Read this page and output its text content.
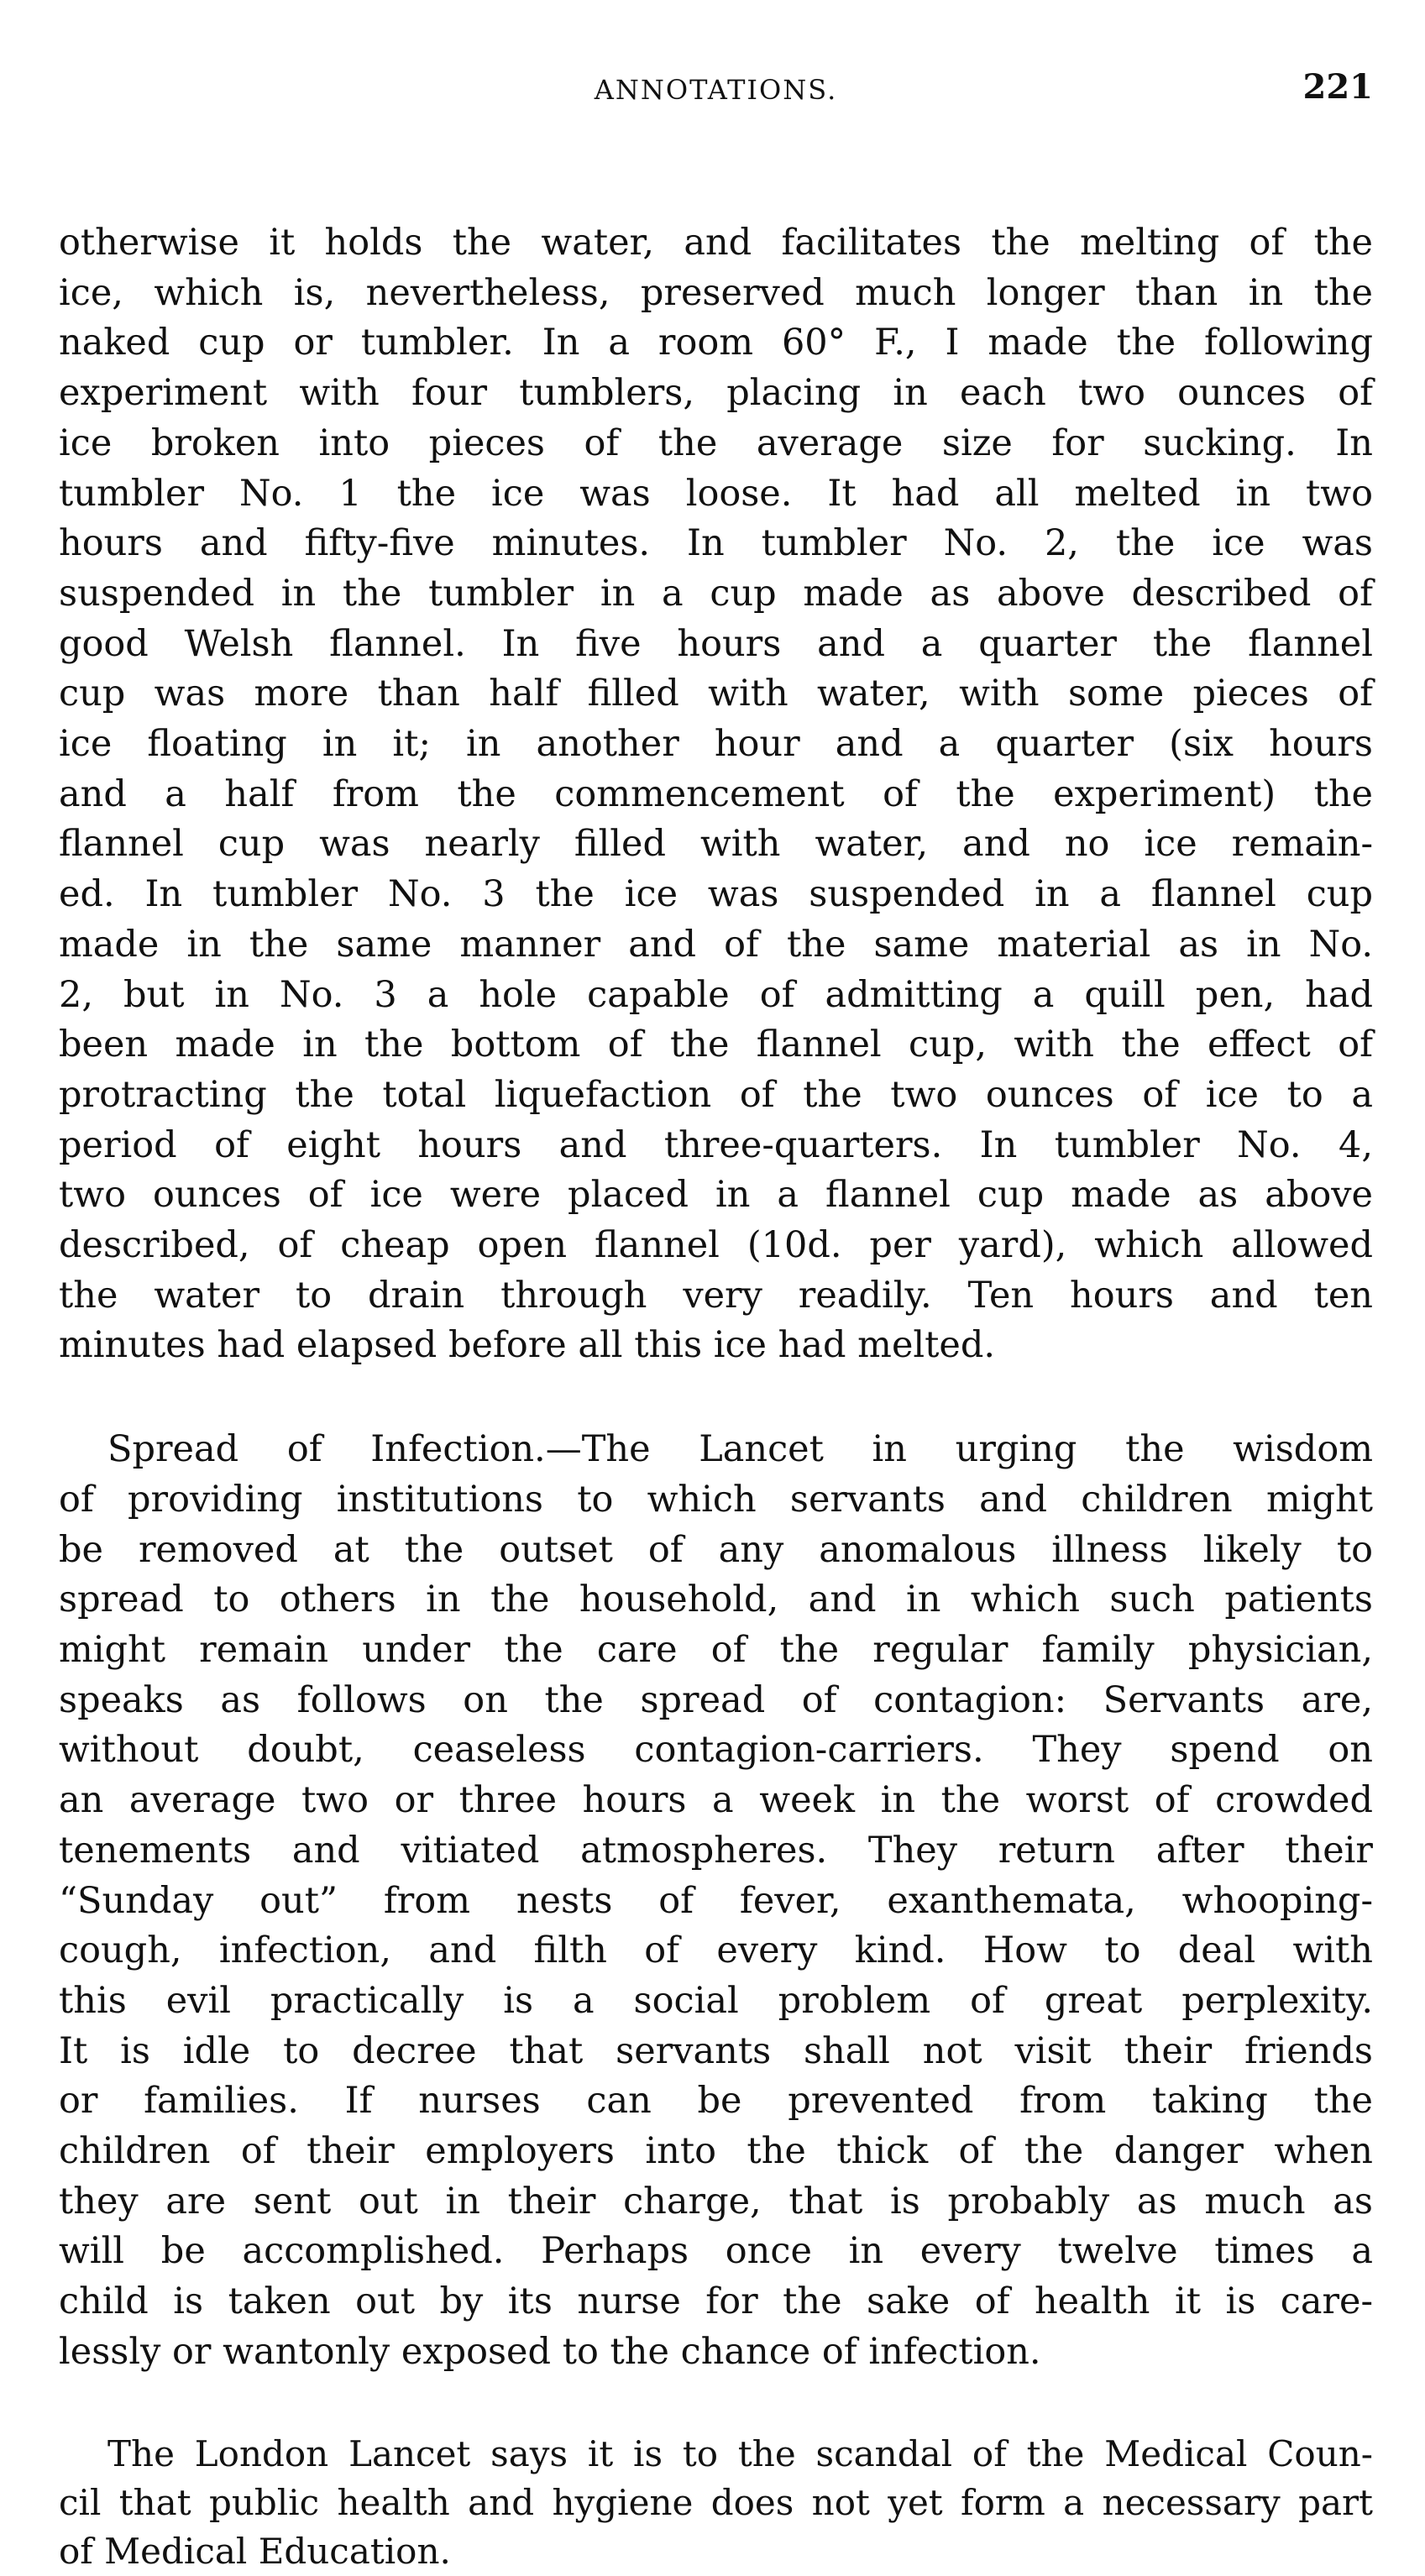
ANNOTATIONS.	221
otherwise it holds the water, and facilitates the melting of the
ice, which is, nevertheless, preserved much longer than in the
naked cup or tumbler. In a room 60° F., I made the following
experiment with four tumblers, placing in each two ounces of
ice broken into pieces of the average size for sucking. In
tumbler No. 1 the ice was loose. It had all melted in two
hours and fifty-five minutes. In tumbler No. 2, the ice was
suspended in the tumbler in a cup made as above described of
good Welsh flannel. In five hours and a quarter the flannel
cup was more than half filled with water, with some pieces of
ice floating in it; in another hour and a quarter (six hours
and a half from the commencement of the experiment) the
flannel cup was nearly filled with water, and no ice remain-
ed. In tumbler No. 3 the ice was suspended in a flannel cup
made in the same manner and of the same material as in No.
2, but in No. 3 a hole capable of admitting a quill pen, had
been made in the bottom of the flannel cup, with the effect of
protracting the total liquefaction of the two ounces of ice to a
period of eight hours and three-quarters. In tumbler No. 4,
two ounces of ice were placed in a flannel cup made as above
described, of cheap open flannel (10d. per yard), which allowed
the water to drain through very readily. Ten hours and ten
minutes had elapsed before all this ice had melted.
Spread of Infection.—The Lancet in urging the wisdom
of providing institutions to which servants and children might
be removed at the outset of any anomalous illness likely to
spread to others in the household, and in which such patients
might remain under the care of the regular family physician,
speaks as follows on the spread of contagion: Servants are,
without doubt, ceaseless contagion-carriers. They spend on
an average two or three hours a week in the worst of crowded
tenements and vitiated atmospheres. They return after their
“Sunday out” from nests of fever, exanthemata, whooping-
cough, infection, and filth of every kind. How to deal with
this evil practically is a social problem of great perplexity.
It is idle to decree that servants shall not visit their friends
or families. If nurses can be prevented from taking the
children of their employers into the thick of the danger when
they are sent out in their charge, that is probably as much as
will be accomplished. Perhaps once in every twelve times a
child is taken out by its nurse for the sake of health it is care-
lessly or wantonly exposed to the chance of infection.
The London Lancet says it is to the scandal of the Medical Coun-
cil that public health and hygiene does not yet form a necessary part
of Medical Education.
